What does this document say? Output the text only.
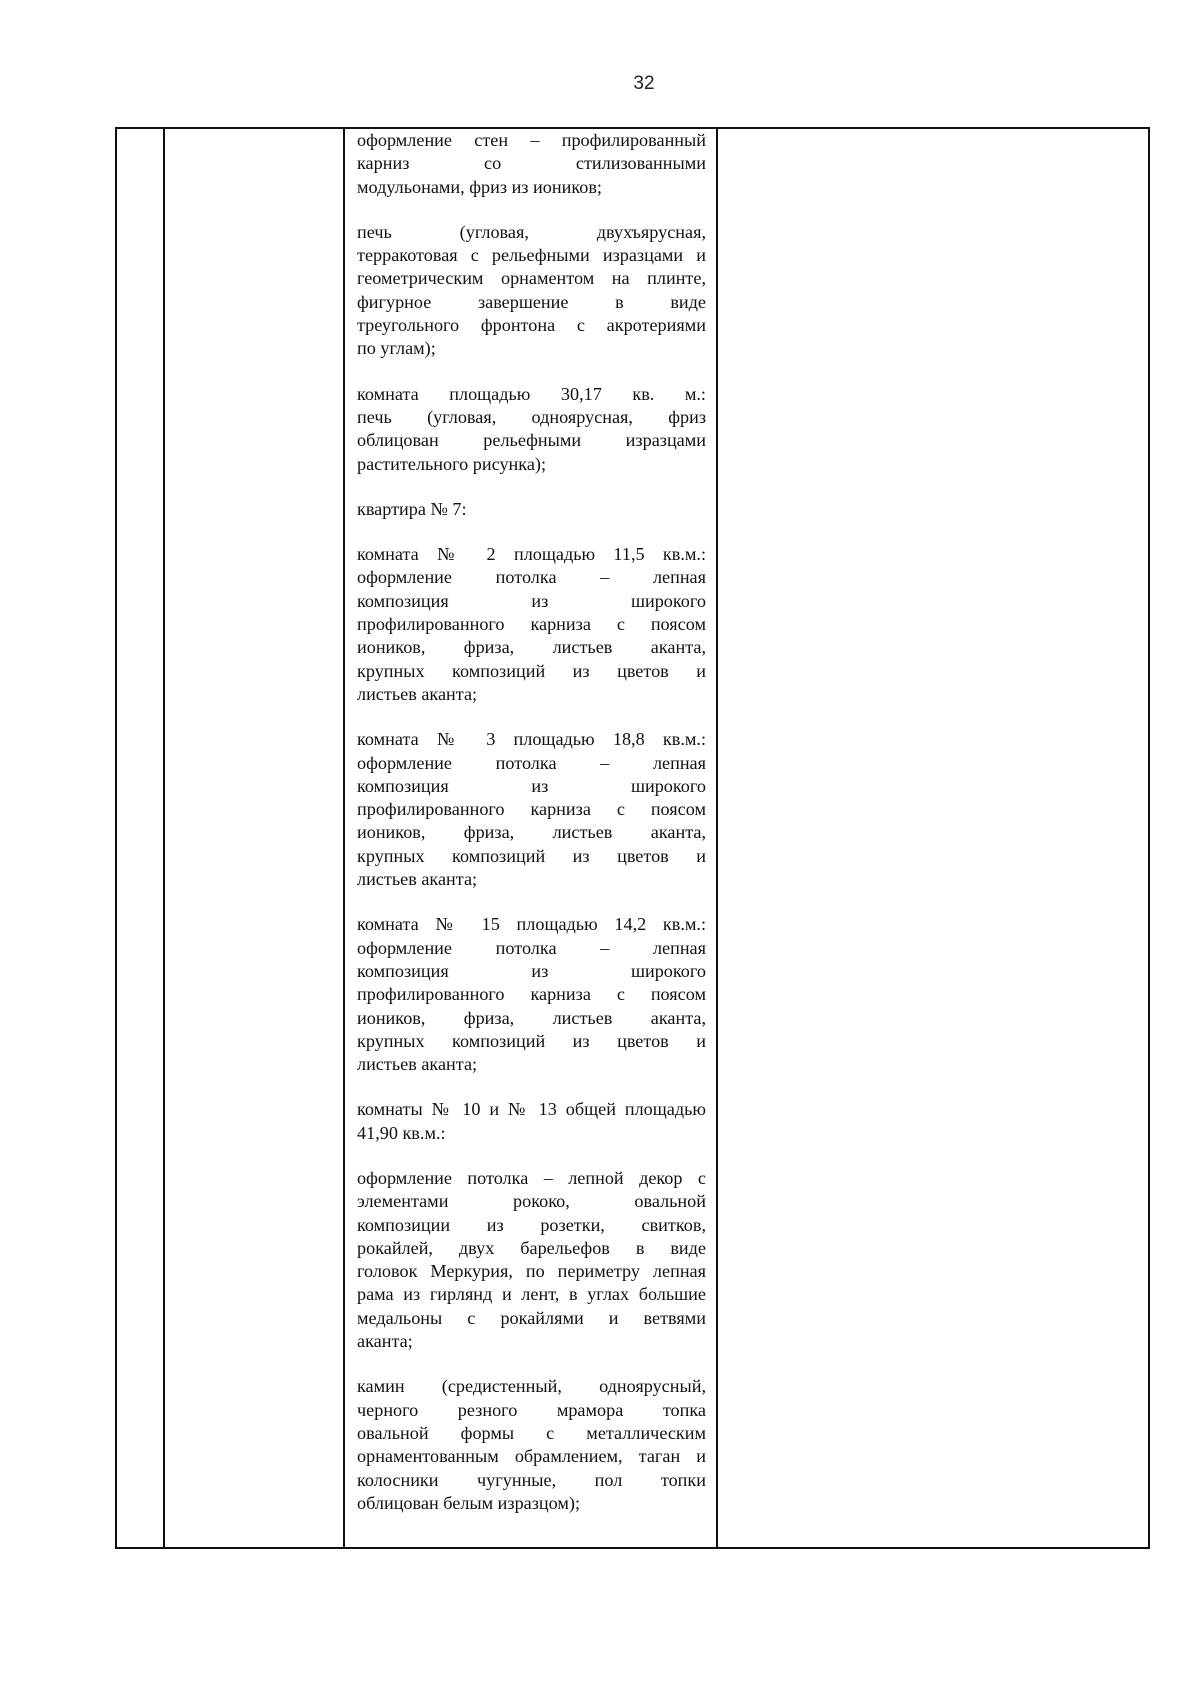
32

оформление стен – профилированный
карниз со стилизованными
модульонами, фриз из иоников;
печь (угловая, двухъярусная,
терракотовая с рельефными изразцами и
геометрическим орнаментом на плинте,
фигурное завершение в виде
треугольного фронтона с акротериями
по углам);
комната площадью 30,17 кв. м.:
печь (угловая, одноярусная, фриз
облицован рельефными изразцами
растительного рисунка);
квартира № 7:
комната № 2 площадью 11,5 кв.м.:
оформление потолка – лепная
композиция из широкого
профилированного карниза с поясом
иоников, фриза, листьев аканта,
крупных композиций из цветов и
листьев аканта;
комната № 3 площадью 18,8 кв.м.:
оформление потолка – лепная
композиция из широкого
профилированного карниза с поясом
иоников, фриза, листьев аканта,
крупных композиций из цветов и
листьев аканта;
комната № 15 площадью 14,2 кв.м.:
оформление потолка – лепная
композиция из широкого
профилированного карниза с поясом
иоников, фриза, листьев аканта,
крупных композиций из цветов и
листьев аканта;
комнаты № 10 и № 13 общей площадью
41,90 кв.м.:
оформление потолка – лепной декор с
элементами рококо, овальной
композиции из розетки, свитков,
рокайлей, двух барельефов в виде
головок Меркурия, по периметру лепная
рама из гирлянд и лент, в углах большие
медальоны с рокайлями и ветвями
аканта;
камин (средистенный, одноярусный,
черного резного мрамора топка
овальной формы с металлическим
орнаментованным обрамлением, таган и
колосники чугунные, пол топки
облицован белым изразцом);
